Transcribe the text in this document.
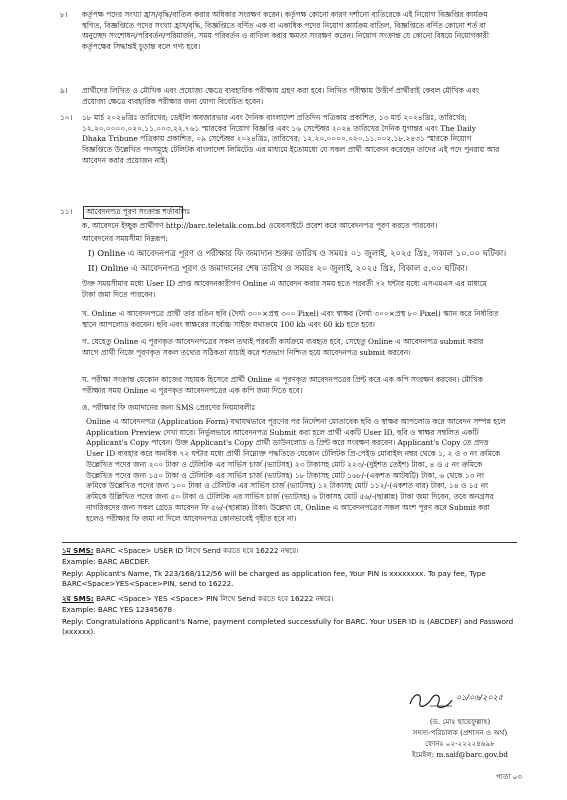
৮।	কর্তৃপক্ষ পদের সংখ্যা হ্রাস/বৃদ্ধি/বাতিল করার অধিকার সংরক্ষণ করেন। কর্তৃপক্ষ কোনো কারণ দর্শানো ব্যতিরেকে এই নিয়োগ বিজ্ঞপ্তির কার্যক্রম স্থগিত, বিজ্ঞপ্তিতে পদের সংখ্যা হ্রাস/বৃদ্ধি, বিজ্ঞপ্তিতে বর্ণিত এক বা একাধিক পদের নিয়োগ কার্যক্রম বাতিল, বিজ্ঞপ্তিতে বর্ণিত কোনো শর্ত বা অনুচ্ছেদ সংশোধন/পরিবর্তন/পরিমার্জন, সময় পরিবর্তন ও বাতিল করার ক্ষমতা সংরক্ষণ করেন। নিয়োগ সংক্রান্ত যে কোনো বিষয়ে নিয়োগকারী কর্তৃপক্ষের সিদ্ধান্তই চূড়ান্ত বলে গণ্য হবে।
৯।	প্রার্থীদের লিখিত ও মৌখিক এবং প্রযোজ্য ক্ষেত্রে ব্যবহারিক পরীক্ষায় গ্রহণ করা হবে। লিখিত পরীক্ষায় উত্তীর্ণ প্রার্থীরাই কেবল মৌখিক এবং প্রযোজ্য ক্ষেত্রে ব্যবহারিক পরীক্ষার জন্য যোগ্য বিবেচিত হবেন।
১০।	১৮ মার্চ ২০২৪খ্রিঃ তারিখের; ডেইলি অবজারভার এবং দৈনিক বাংলাদেশ প্রতিদিন পত্রিকায় প্রকাশিত, ১৩ মার্চ ২০২৪খ্রিঃ, তারিখের; ১২.২০.০০০০.০২০.১১.০০৩.২২.৭৬১ স্মারকের নিয়োগ বিজ্ঞপ্তি এবং ১৬ সেপ্টেম্বর ২০২৪ তারিখের দৈনিক যুগান্তর এবং The Daily Dhaka Tribune পত্রিকায় প্রকাশিত, ০৯ সেপ্টেম্বর ২০২৪খ্রিঃ, তারিখের; ১২.২০.০০০০.০২০.১১.০০২.১৮.২৪৩১ স্মারকে নিয়োগ বিজ্ঞপ্তিতে উল্লেখিত পদসমূহে টেলিটক বাংলাদেশ লিমিটেড এর মাধ্যমে ইতোমধ্যে যে সকল প্রার্থী আবেদন করেছেন তাদের এই পদে পুনরায় আর আবেদন করার প্রয়োজন নাই।
১১।	আবেদনপত্র পূরণ সংক্রান্ত শর্তাবলিঃ
ক. আবেদনে ইচ্ছুক প্রার্থীগণ http://barc.teletalk.com.bd ওয়েবসাইটে প্রবেশ করে আবেদনপত্র পূরণ করতে পারবেন।
আবেদনের সময়সীমা নিম্নরূপ:
I) Online এ আবেদনপত্র পূরণ ও পরীক্ষার ফি জমাদান শুরুর তারিখ ও সময়ঃ ০১ জুলাই, ২০২৫ খ্রিঃ, সকাল ১০.০০ ঘটিকা।
II) Online এ আবেদনপত্র পূরণ ও জমাদানের শেষ তারিখ ও সময়ঃ ২০ জুলাই, ২০২৫ খ্রিঃ, বিকাল ৫.০০ ঘটিকা।
উক্ত সময়সীমার মধ্যে User ID প্রাপ্ত আবেদনকারীগণ Online এ আবেদন করার সময় হতে পরবর্তী ৭২ ঘন্টার মধ্যে এসএমএস এর মাধ্যমে টাকা জমা দিতে পারবেন।
খ. Online এ আবেদনপত্রে প্রার্থী তার রঙিন ছবি (দৈর্ঘ্য ৩০০×প্রস্থ ৩০০ Pixel) এবং স্বাক্ষর (দৈর্ঘ্য ৩০০×প্রস্থ ৮০ Pixel) স্ক্যান করে নির্ধারিত স্থানে আপলোড করবেন। ছবি এবং স্বাক্ষরের সর্বোচ্চ সাইজ যথাক্রমে 100 kb এবং 60 kb হতে হবে।
গ. যেহেতু Online এ পূরণকৃত আবেদনপত্রের সকল তথ্যই পরবর্তী কার্যক্রমে ব্যবহৃত হবে, সেহেতু Online এ আবেদনপত্র submit করার আগে প্রার্থী নিজে পূরণকৃত সকল তথ্যের সঠিকতা যাচাই করে শতভাগ নিশ্চিত হয়ে আবেদনপত্র submit করবেন।
ঘ. পরীক্ষা সংক্রান্ত যেকোন কাজের সহায়ক হিসেবে প্রার্থী Online এ পূরণকৃত আবেদনপত্রের প্রিন্ট করে এক কপি সংরক্ষণ করবেন। মৌখিক পরীক্ষার সময় Online এ পূরণকৃত আবেদনপত্রের এক কপি জমা দিতে হবে।
ঙ. পরীক্ষার ফি জমাদানের জন্য SMS প্রেরণের নিয়মাবলীঃ
Online এ আবেদনপত্র (Application Form) যথাযথভাবে পূরণের পর নির্দেশনা মোতাবেক ছবি ও স্বাক্ষর আপলোড করে আবেদন সম্পন্ন হলে Application Preview দেখা যাবে। নির্ভুলভাবে আবেদনপত্র Submit করা হলে প্রার্থী একটি User ID, ছবি ও স্বাক্ষর সম্বলিত একটি Applicant's Copy পাবেন। উক্ত Applicant's Copy প্রার্থী ডাউনলোড ও প্রিন্ট করে সংরক্ষণ করবেন। Applicant's Copy তে প্রদত্ত User ID ব্যবহার করে অনধিক ৭২ ঘন্টার মধ্যে প্রার্থী নিম্নোক্ত পদ্ধতিতে যেকোন টেলিটক প্রি-পেইড মোবাইল নম্বর থেকে ১, ২ ও ৩ নং ক্রমিকে উল্লেখিত পদের জন্য ২০০ টাকা ও টেলিটক এর সার্ভিস চার্জ (ভ্যাটসহ) ২৩ টাকাসহ মোট ২২৩/-(দুইশত তেইশ) টাকা, ৪ ও ৫ নং ক্রমিকে উল্লেখিত পদের জন্য ১৫০ টাকা ও টেলিটক এর সার্ভিস চার্জ (ভ্যাটসহ) ১৮ টাকাসহ মোট ১৬৮/-(একশত আটষট্টি) টাকা, ৬ থেকে ১৩ নং ক্রমিকে উল্লেখিত পদের জন্য ১০০ টাকা ও টেলিটক এর সার্ভিস চার্জ (ভ্যাটসহ) ১২ টাকাসহ মোট ১১২/-(একশত বার) টাকা, ১৪ ও ১৫ নং ক্রমিকে উল্লিখিত পদের জন্য ৫০ টাকা ও টেলিটক এর সার্ভিস চার্জ (ভ্যাটসহ) ৬ টাকাসহ মোট ৫৬/-(ছাপ্পান্ন) টাকা জমা দিবেন, তবে অনগ্রসর নাগরিকদের জন্য সকল গ্রেডে আবেদন ফি ৫৬/-(ছাপ্পান্ন) টাকা। উল্লেখ্য যে, Online এ আবেদনপত্রের সকল অংশ পূরণ করে Submit করা হলেও পরীক্ষার ফি জমা না দিলে আবেদনপত্র কোনভাবেই গৃহীত হবে না।
১ম SMS: BARC <Space> USER ID লিখে Send করতে হবে 16222 নম্বরে।
Example: BARC ABCDEF.
Reply: Applicant's Name, Tk 223/168/112/56 will be charged as application fee, Your PIN is xxxxxxxx. To pay fee, Type BARC<Space>YES<Space>PIN, send to 16222.
২য় SMS: BARC <Space> YES <Space> PIN লিখে Send করতে হবে 16222 নম্বরে।
Example: BARC YES 12345678
Reply: Congratulations Applicant's Name, payment completed successfully for BARC. Your USER ID is (ABCDEF) and Password (xxxxxx).
০১/০৬/২০২৫
(ড. মোঃ ছায়েফুল্লাহ)
সদস্য-পরিচালক (প্রশাসন ও অর্থ)
ফোনঃ ০২-২২২২৪৬৯৮
ইমেইল: m.saif@barc.gov.bd
পাতা ০৩
